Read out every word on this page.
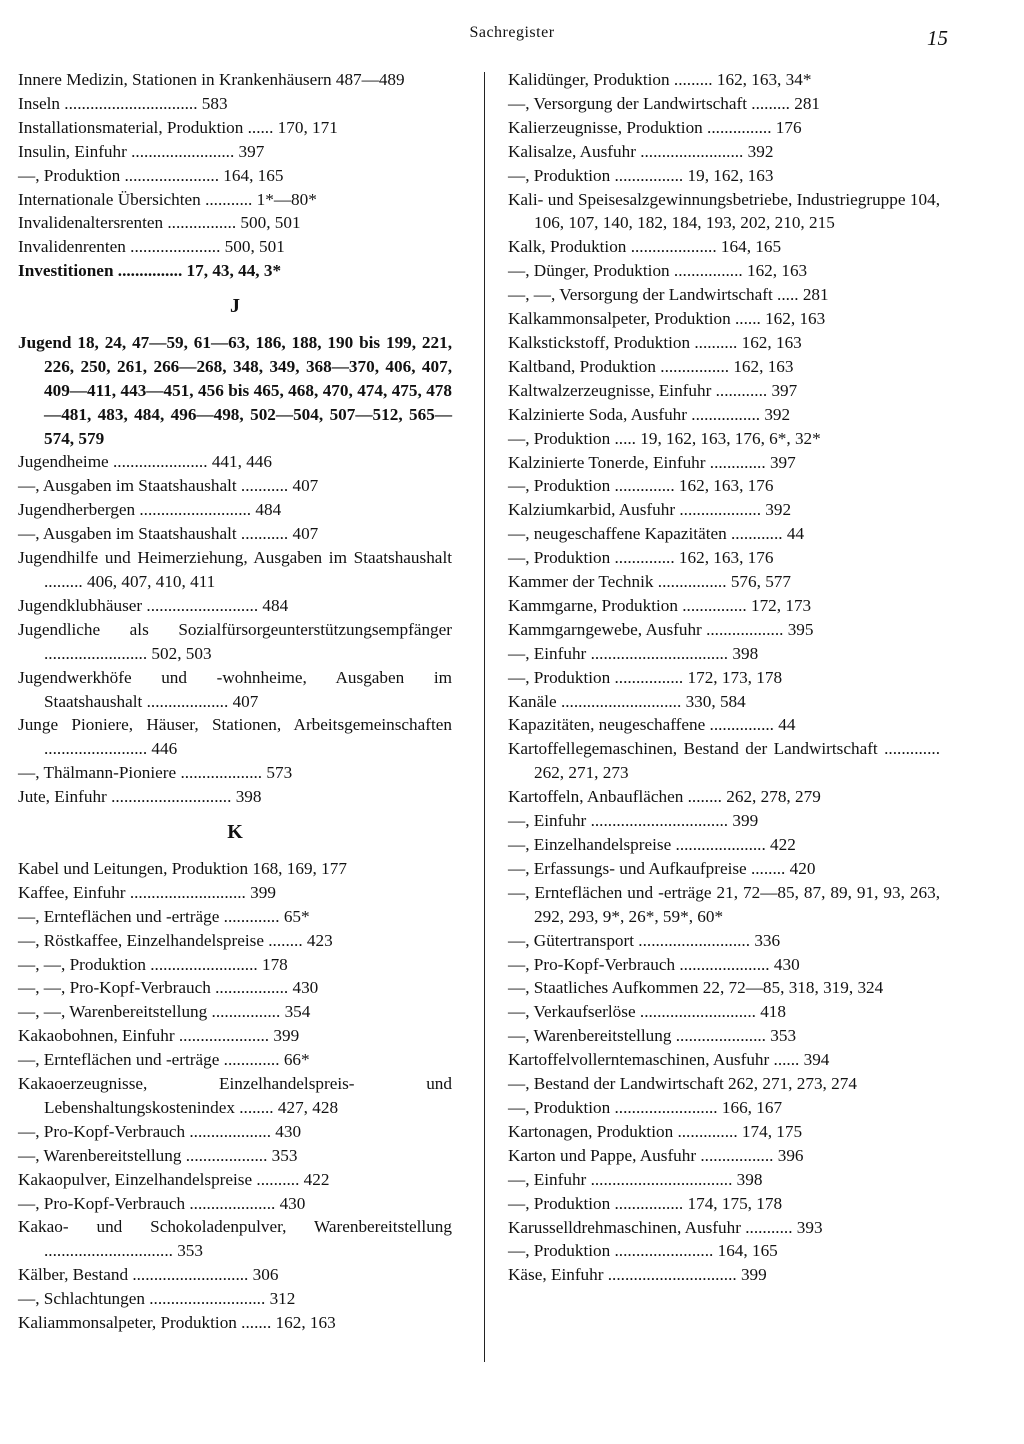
Sachregister	15
Innere Medizin, Stationen in Krankenhäusern 487—489
Inseln ............................... 583
Installationsmaterial, Produktion ...... 170, 171
Insulin, Einfuhr ........................ 397
—, Produktion ...................... 164, 165
Internationale Übersichten ........... 1*—80*
Invalidenaltersrenten ................ 500, 501
Invalidenrenten ..................... 500, 501
Investitionen ............... 17, 43, 44, 3*
J
Jugend 18, 24, 47—59, 61—63, 186, 188, 190 bis 199, 221, 226, 250, 261, 266—268, 348, 349, 368—370, 406, 407, 409—411, 443—451, 456 bis 465, 468, 470, 474, 475, 478—481, 483, 484, 496—498, 502—504, 507—512, 565—574, 579
Jugendheime ...................... 441, 446
—, Ausgaben im Staatshaushalt ........... 407
Jugendherbergen .......................... 484
—, Ausgaben im Staatshaushalt ........... 407
Jugendhilfe und Heimerziehung, Ausgaben im Staatshaushalt ......... 406, 407, 410, 411
Jugendklubhäuser .......................... 484
Jugendliche als Sozialfürsorgeunterstützungsempfänger ........................ 502, 503
Jugendwerkhöfe und -wohnheime, Ausgaben im Staatshaushalt ................... 407
Junge Pioniere, Häuser, Stationen, Arbeitsgemeinschaften ........................ 446
—, Thälmann-Pioniere ................... 573
Jute, Einfuhr ............................ 398
K
Kabel und Leitungen, Produktion 168, 169, 177
Kaffee, Einfuhr ........................... 399
—, Ernteflächen und -erträge ............. 65*
—, Röstkaffee, Einzelhandelspreise ........ 423
—, —, Produktion ......................... 178
—, —, Pro-Kopf-Verbrauch ................. 430
—, —, Warenbereitstellung ................ 354
Kakaobohnen, Einfuhr ..................... 399
—, Ernteflächen und -erträge ............. 66*
Kakaoerzeugnisse, Einzelhandelspreis- und Lebenshaltungskostenindex ........ 427, 428
—, Pro-Kopf-Verbrauch ................... 430
—, Warenbereitstellung ................... 353
Kakaopulver, Einzelhandelspreise .......... 422
—, Pro-Kopf-Verbrauch .................... 430
Kakao- und Schokoladenpulver, Warenbereitstellung .............................. 353
Kälber, Bestand ........................... 306
—, Schlachtungen ........................... 312
Kaliammonsalpeter, Produktion ....... 162, 163
Kalidünger, Produktion ......... 162, 163, 34*
—, Versorgung der Landwirtschaft ......... 281
Kalierzeugnisse, Produktion ............... 176
Kalisalze, Ausfuhr ........................ 392
—, Produktion ................ 19, 162, 163
Kali- und Speisesalzgewinnungsbetriebe, Industriegruppe 104, 106, 107, 140, 182, 184, 193, 202, 210, 215
Kalk, Produktion .................... 164, 165
—, Dünger, Produktion ................ 162, 163
—, —, Versorgung der Landwirtschaft ..... 281
Kalkammonsalpeter, Produktion ...... 162, 163
Kalkstickstoff, Produktion .......... 162, 163
Kaltband, Produktion ................ 162, 163
Kaltwalzerzeugnisse, Einfuhr ............ 397
Kalzinierte Soda, Ausfuhr ................ 392
—, Produktion ..... 19, 162, 163, 176, 6*, 32*
Kalzinierte Tonerde, Einfuhr ............. 397
—, Produktion .............. 162, 163, 176
Kalziumkarbid, Ausfuhr ................... 392
—, neugeschaffene Kapazitäten ............ 44
—, Produktion .............. 162, 163, 176
Kammer der Technik ................ 576, 577
Kammgarne, Produktion ............... 172, 173
Kammgarngewebe, Ausfuhr .................. 395
—, Einfuhr ................................ 398
—, Produktion ................ 172, 173, 178
Kanäle ............................ 330, 584
Kapazitäten, neugeschaffene ............... 44
Kartoffellegemaschinen, Bestand der Landwirtschaft ............. 262, 271, 273
Kartoffeln, Anbauflächen ........ 262, 278, 279
—, Einfuhr ................................ 399
—, Einzelhandelspreise ..................... 422
—, Erfassungs- und Aufkaufpreise ........ 420
—, Ernteflächen und -erträge 21, 72—85, 87, 89, 91, 93, 263, 292, 293, 9*, 26*, 59*, 60*
—, Gütertransport .......................... 336
—, Pro-Kopf-Verbrauch ..................... 430
—, Staatliches Aufkommen 22, 72—85, 318, 319, 324
—, Verkaufserlöse ........................... 418
—, Warenbereitstellung ..................... 353
Kartoffelvollerntemaschinen, Ausfuhr ...... 394
—, Bestand der Landwirtschaft 262, 271, 273, 274
—, Produktion ........................ 166, 167
Kartonagen, Produktion .............. 174, 175
Karton und Pappe, Ausfuhr ................. 396
—, Einfuhr ................................. 398
—, Produktion ................ 174, 175, 178
Karusselldrehmaschinen, Ausfuhr ........... 393
—, Produktion ....................... 164, 165
Käse, Einfuhr .............................. 399
